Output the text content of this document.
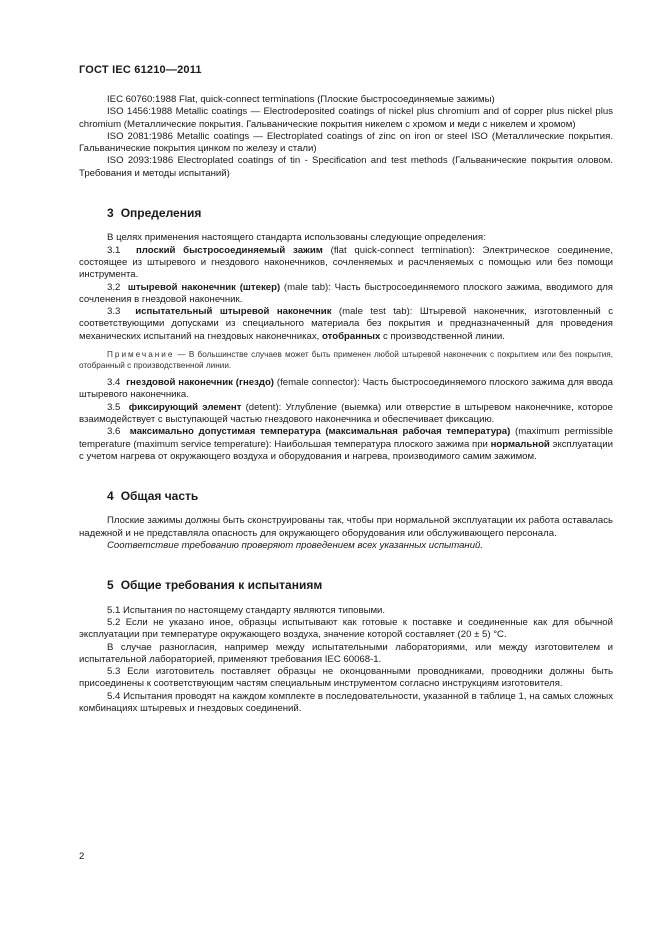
ГОСТ IEC 61210—2011

IEC 60760:1988 Flat, quick-connect terminations (Плоские быстросоединяемые зажимы)

ISO 1456:1988 Metallic coatings — Electrodeposited coatings of nickel plus chromium and of copper plus nickel plus chromium (Металлические покрытия. Гальванические покрытия никелем с хромом и меди с никелем и хромом)

ISO 2081:1986 Metallic coatings — Electroplated coatings of zinc on iron or steel ISO (Металлические покрытия. Гальванические покрытия цинком по железу и стали)

ISO 2093:1986 Electroplated coatings of tin - Specification and test methods (Гальванические покрытия оловом. Требования и методы испытаний)

3 Определения

В целях применения настоящего стандарта использованы следующие определения:

3.1 плоский быстросоединяемый зажим (flat quick-connect termination): Электрическое соединение, состоящее из штыревого и гнездового наконечников, сочленяемых и расчленяемых с помощью или без помощи инструмента.

3.2 штыревой наконечник (штекер) (male tab): Часть быстросоединяемого плоского зажима, вводимого для сочленения в гнездовой наконечник.

3.3 испытательный штыревой наконечник (male test tab): Штыревой наконечник, изготовленный с соответствующими допусками из специального материала без покрытия и предназначенный для проведения механических испытаний на гнездовых наконечниках, отобранных с производственной линии.

Примечание — В большинстве случаев может быть применен любой штыревой наконечник с покрытием или без покрытия, отобранный с производственной линии.

3.4 гнездовой наконечник (гнездо) (female connector): Часть быстросоединяемого плоского зажима для ввода штыревого наконечника.

3.5 фиксирующий элемент (detent): Углубление (выемка) или отверстие в штыревом наконечнике, которое взаимодействует с выступающей частью гнездового наконечника и обеспечивает фиксацию.

3.6 максимально допустимая температура (максимальная рабочая температура) (maximum permissible temperature (maximum service temperature): Наибольшая температура плоского зажима при нормальной эксплуатации с учетом нагрева от окружающего воздуха и оборудования и нагрева, производимого самим зажимом.

4 Общая часть

Плоские зажимы должны быть сконструированы так, чтобы при нормальной эксплуатации их работа оставалась надежной и не представляла опасность для окружающего оборудования или обслуживающего персонала.

Соответствие требованию проверяют проведением всех указанных испытаний.

5 Общие требования к испытаниям

5.1 Испытания по настоящему стандарту являются типовыми.

5.2 Если не указано иное, образцы испытывают как готовые к поставке и соединенные как для обычной эксплуатации при температуре окружающего воздуха, значение которой составляет (20 ± 5) °С.

В случае разногласия, например между испытательными лабораториями, или между изготовителем и испытательной лабораторией, применяют требования IEC 60068-1.

5.3 Если изготовитель поставляет образцы не оконцованными проводниками, проводники должны быть присоединены к соответствующим частям специальным инструментом согласно инструкциям изготовителя.

5.4 Испытания проводят на каждом комплекте в последовательности, указанной в таблице 1, на самых сложных комбинациях штыревых и гнездовых соединений.

2
